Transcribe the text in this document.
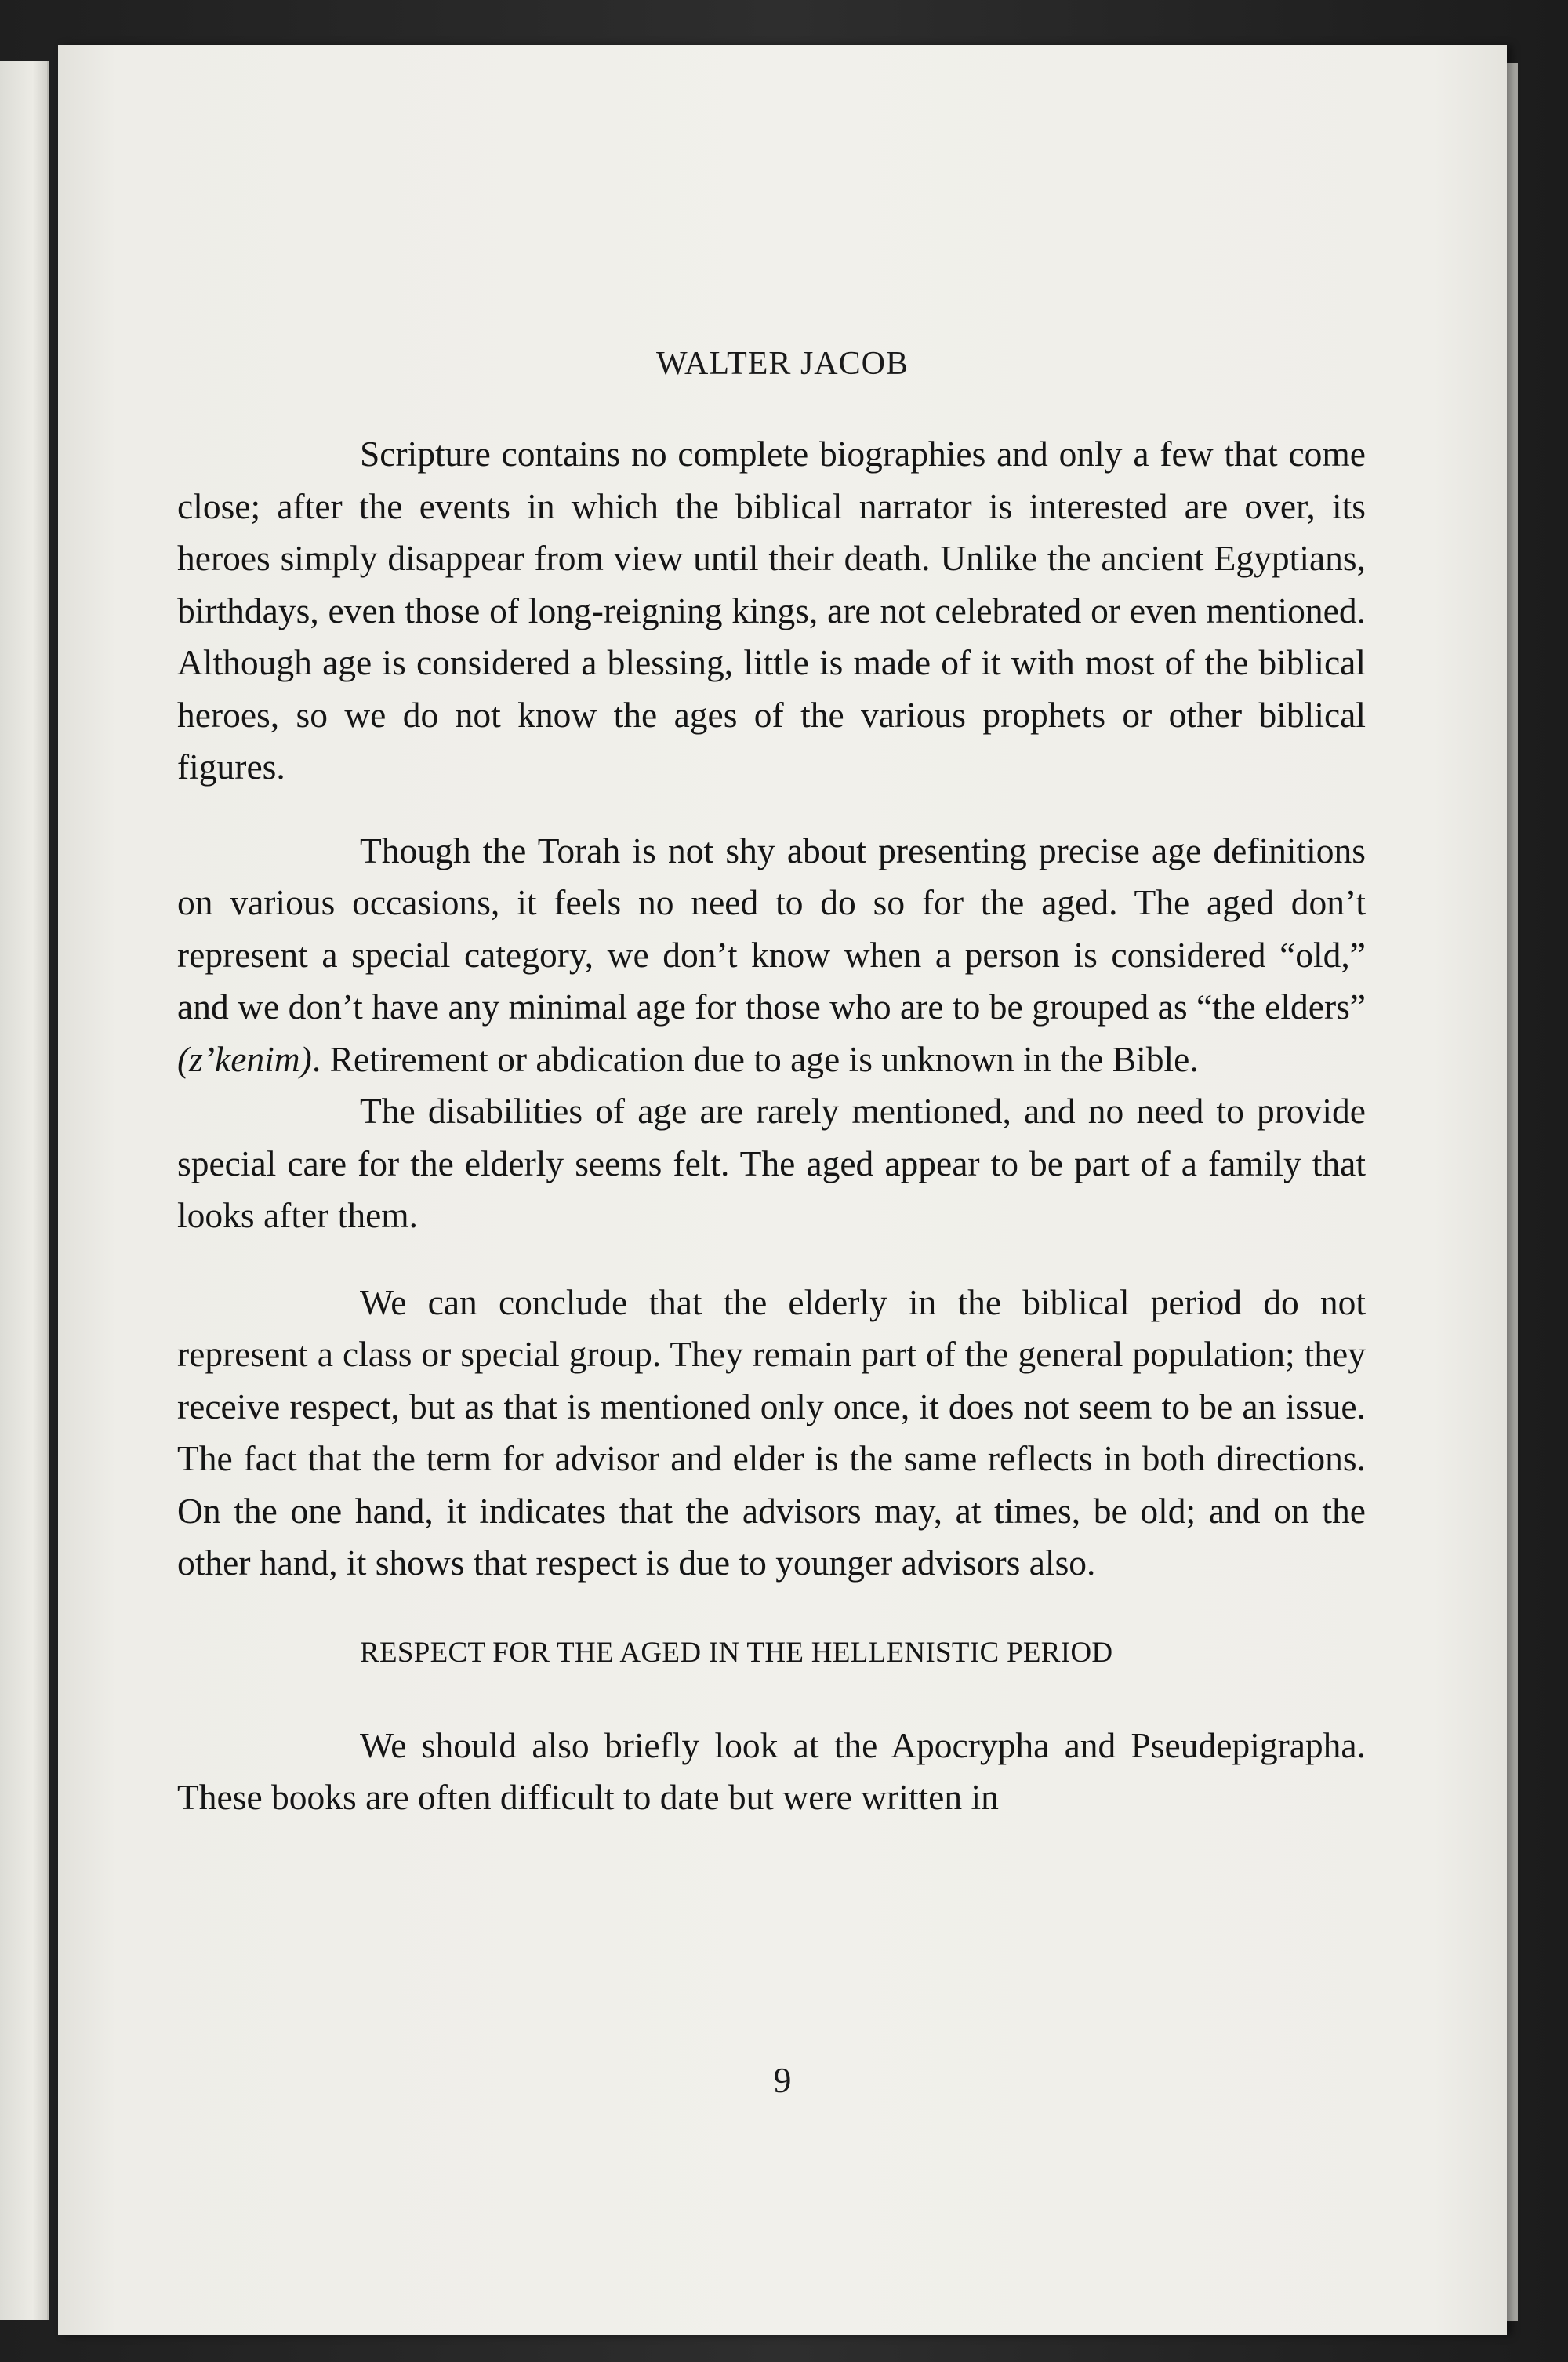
WALTER JACOB

Scripture contains no complete biographies and only a few that come close; after the events in which the biblical narrator is interested are over, its heroes simply disappear from view until their death. Unlike the ancient Egyptians, birthdays, even those of long-reigning kings, are not celebrated or even mentioned. Although age is considered a blessing, little is made of it with most of the biblical heroes, so we do not know the ages of the various prophets or other biblical figures.

Though the Torah is not shy about presenting precise age definitions on various occasions, it feels no need to do so for the aged. The aged don’t represent a special category, we don’t know when a person is considered “old,” and we don’t have any minimal age for those who are to be grouped as “the elders” (z’kenim). Retirement or abdication due to age is unknown in the Bible.

The disabilities of age are rarely mentioned, and no need to provide special care for the elderly seems felt. The aged appear to be part of a family that looks after them.

We can conclude that the elderly in the biblical period do not represent a class or special group. They remain part of the general population; they receive respect, but as that is mentioned only once, it does not seem to be an issue. The fact that the term for advisor and elder is the same reflects in both directions. On the one hand, it indicates that the advisors may, at times, be old; and on the other hand, it shows that respect is due to younger advisors also.

RESPECT FOR THE AGED IN THE HELLENISTIC PERIOD

We should also briefly look at the Apocrypha and Pseudepigrapha. These books are often difficult to date but were written in

9
